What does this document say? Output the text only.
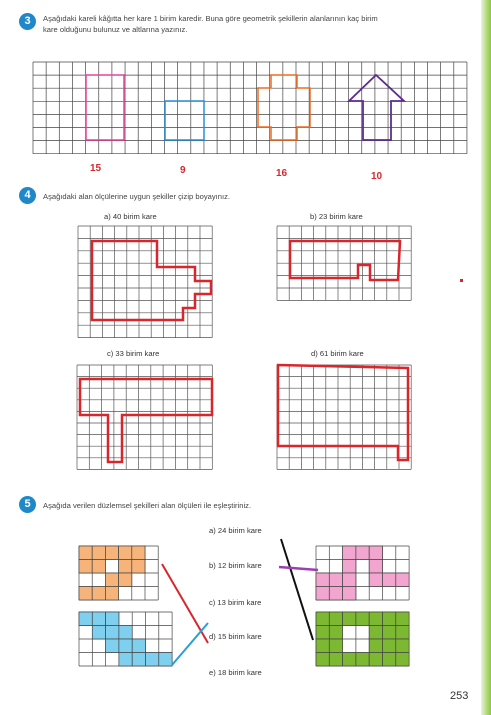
3	Aşağıdaki kareli kâğıtta her kare 1 birim karedir. Buna göre geometrik şekillerin alanlarının kaç birim
kare olduğunu bulunuz ve altlarına yazınız.
15	9	16	10
4	Aşağıdaki alan ölçülerine uygun şekiller çizip boyayınız.
a) 40 birim kare	b) 23 birim kare
c) 33 birim kare	d) 61 birim kare
5	Aşağıda verilen düzlemsel şekilleri alan ölçüleri ile eşleştiriniz.
a) 24 birim kare
b) 12 birim kare
c) 13 birim kare
d) 15 birim kare
e) 18 birim kare
253
